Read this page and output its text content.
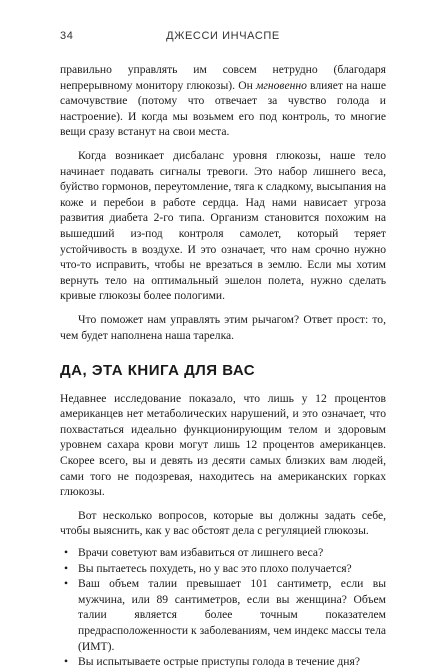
34	ДЖЕССИ ИНЧАСПЕ

правильно управлять им совсем нетрудно (благодаря непрерывному монитору глюкозы). Он мгновенно влияет на наше самочувствие (потому что отвечает за чувство голода и настроение). И когда мы возьмем его под контроль, то многие вещи сразу встанут на свои места.

Когда возникает дисбаланс уровня глюкозы, наше тело начинает подавать сигналы тревоги. Это набор лишнего веса, буйство гормонов, переутомление, тяга к сладкому, высыпания на коже и перебои в работе сердца. Над нами нависает угроза развития диабета 2-го типа. Организм становится похожим на вышедший из-под контроля самолет, который теряет устойчивость в воздухе. И это означает, что нам срочно нужно что-то исправить, чтобы не врезаться в землю. Если мы хотим вернуть тело на оптимальный эшелон полета, нужно сделать кривые глюкозы более пологими.

Что поможет нам управлять этим рычагом? Ответ прост: то, чем будет наполнена наша тарелка.

ДА, ЭТА КНИГА ДЛЯ ВАС

Недавнее исследование показало, что лишь у 12 процентов американцев нет метаболических нарушений, и это означает, что похвастаться идеально функционирующим телом и здоровым уровнем сахара крови могут лишь 12 процентов американцев. Скорее всего, вы и девять из десяти самых близких вам людей, сами того не подозревая, находитесь на американских горках глюкозы.

Вот несколько вопросов, которые вы должны задать себе, чтобы выяснить, как у вас обстоят дела с регуляцией глюкозы.

• Врачи советуют вам избавиться от лишнего веса?
• Вы пытаетесь похудеть, но у вас это плохо получается?
• Ваш объем талии превышает 101 сантиметр, если вы мужчина, или 89 сантиметров, если вы женщина? Объем талии является более точным показателем предрасположенности к заболеваниям, чем индекс массы тела (ИМТ).
• Вы испытываете острые приступы голода в течение дня?
